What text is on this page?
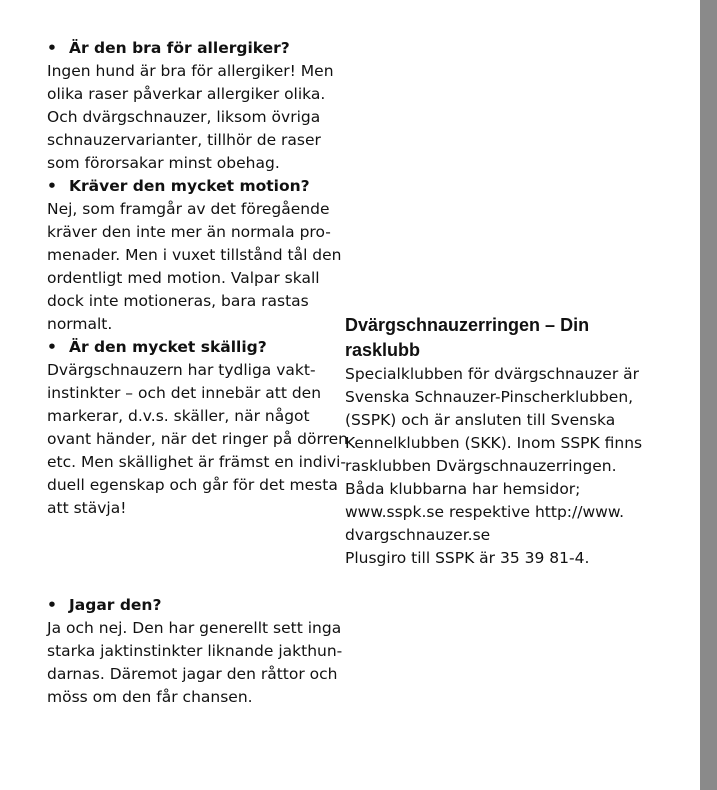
• Är den bra för allergiker?
Ingen hund är bra för allergiker! Men
olika raser påverkar allergiker olika.
Och dvärgschnauzer, liksom övriga
schnauzervarianter, tillhör de raser
som förorsakar minst obehag.
• Kräver den mycket motion?
Nej, som framgår av det föregående
kräver den inte mer än normala pro-
menader. Men i vuxet tillstånd tål den
ordentligt med motion. Valpar skall
dock inte motioneras, bara rastas
normalt.
• Är den mycket skällig?
Dvärgschnauzern har tydliga vakt-
instinkter – och det innebär att den
markerar, d.v.s. skäller, när något
ovant händer, när det ringer på dörren
etc. Men skällighet är främst en indivi-
duell egenskap och går för det mesta
att stävja!
• Jagar den?
Ja och nej. Den har generellt sett inga
starka jaktinstinkter liknande jakthun-
darnas. Däremot jagar den råttor och
möss om den får chansen.
Dvärgschnauzerringen – Din
rasklubb
Specialklubben för dvärgschnauzer är
Svenska Schnauzer-Pinscherklubben,
(SSPK) och är ansluten till Svenska
Kennelklubben (SKK). Inom SSPK finns
rasklubben Dvärgschnauzerringen.
Båda klubbarna har hemsidor;
www.sspk.se respektive http://www.
dvargschnauzer.se
Plusgiro till SSPK är 35 39 81-4.
